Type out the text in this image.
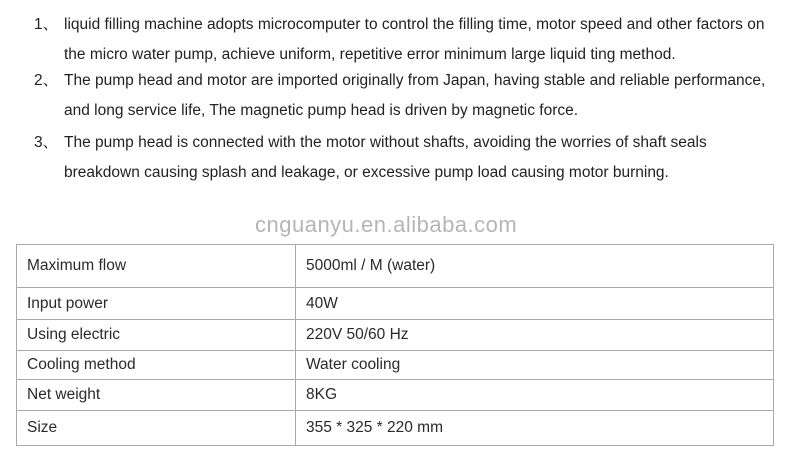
1、 liquid filling machine adopts microcomputer to control the filling time, motor speed and other factors on the micro water pump, achieve uniform, repetitive error minimum large liquid ting method.
2、 The pump head and motor are imported originally from Japan, having stable and reliable performance, and long service life, The magnetic pump head is driven by magnetic force.
3、 The pump head is connected with the motor without shafts, avoiding the worries of shaft seals breakdown causing splash and leakage, or excessive pump load causing motor burning.
cnguanyu.en.alibaba.com
Maximum flow	5000ml / M (water)
Input power	40W
Using electric	220V 50/60 Hz
Cooling method	Water cooling
Net weight	8KG
Size	355 * 325 * 220 mm
